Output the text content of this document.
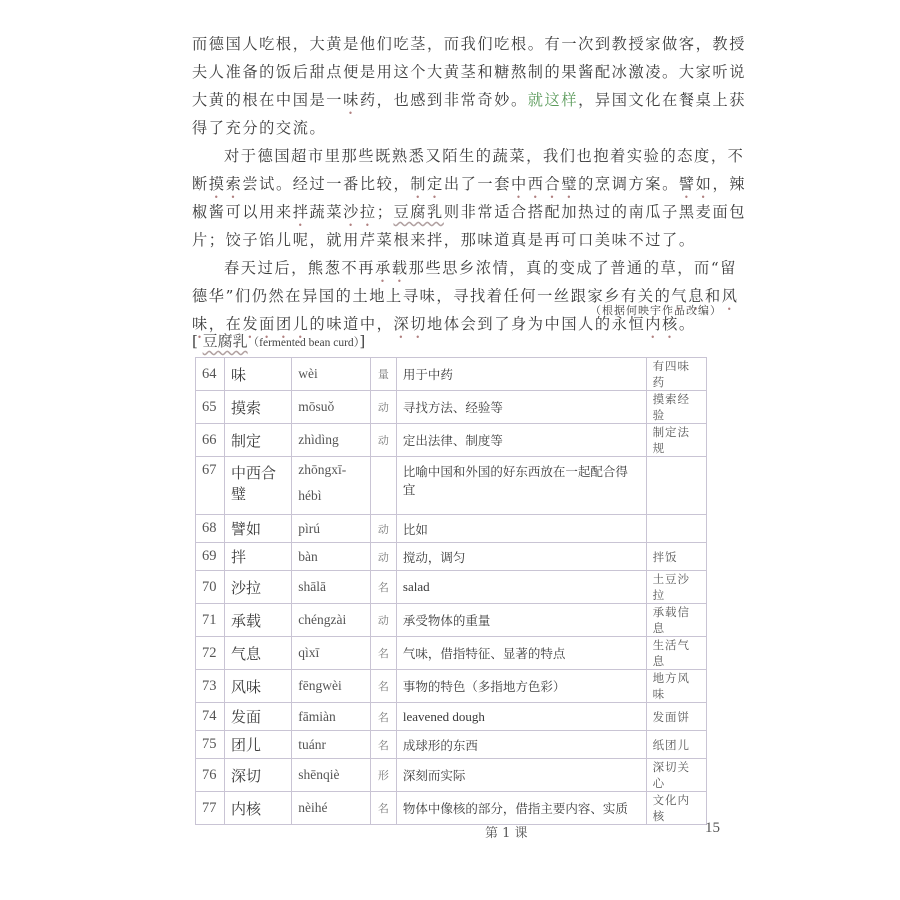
而德国人吃根，大黄是他们吃茎，而我们吃根。有一次到教授家做客，教授
夫人准备的饭后甜点便是用这个大黄茎和糖熬制的果酱配冰激凌。大家听说
大黄的根在中国是一味药，也感到非常奇妙。就这样，异国文化在餐桌上获
得了充分的交流。
对于德国超市里那些既熟悉又陌生的蔬菜，我们也抱着实验的态度，不
断摸索尝试。经过一番比较，制定出了一套中西合璧的烹调方案。譬如，辣
椒酱可以用来拌蔬菜沙拉；豆腐乳则非常适合搭配加热过的南瓜子黑麦面包
片；饺子馅儿呢，就用芹菜根来拌，那味道真是再可口美味不过了。
春天过后，熊葱不再承载那些思乡浓情，真的变成了普通的草，而“留
德华”们仍然在异国的土地上寻味，寻找着任何一丝跟家乡有关的气息和风
味，在发面团儿的味道中，深切地体会到了身为中国人的永恒内核。
（根据何映宇作品改编）
[ 豆腐乳（fermented bean curd）]
64	味	wèi	量	用于中药	有四味药
65	摸索	mōsuǒ	动	寻找方法、经验等	摸索经验
66	制定	zhìdìng	动	定出法律、制度等	制定法规
67	中西合璧	zhōngxī-
hébì		比喻中国和外国的好东西放在一起配合得宜	
68	譬如	pìrú	动	比如	
69	拌	bàn	动	搅动，调匀	拌饭
70	沙拉	shālā	名	salad	土豆沙拉
71	承载	chéngzài	动	承受物体的重量	承载信息
72	气息	qìxī	名	气味，借指特征、显著的特点	生活气息
73	风味	fēngwèi	名	事物的特色（多指地方色彩）	地方风味
74	发面	fāmiàn	名	leavened dough	发面饼
75	团儿	tuánr	名	成球形的东西	纸团儿
76	深切	shēnqiè	形	深刻而实际	深切关心
77	内核	nèihé	名	物体中像核的部分，借指主要内容、实质	文化内核
第 1 课	15
